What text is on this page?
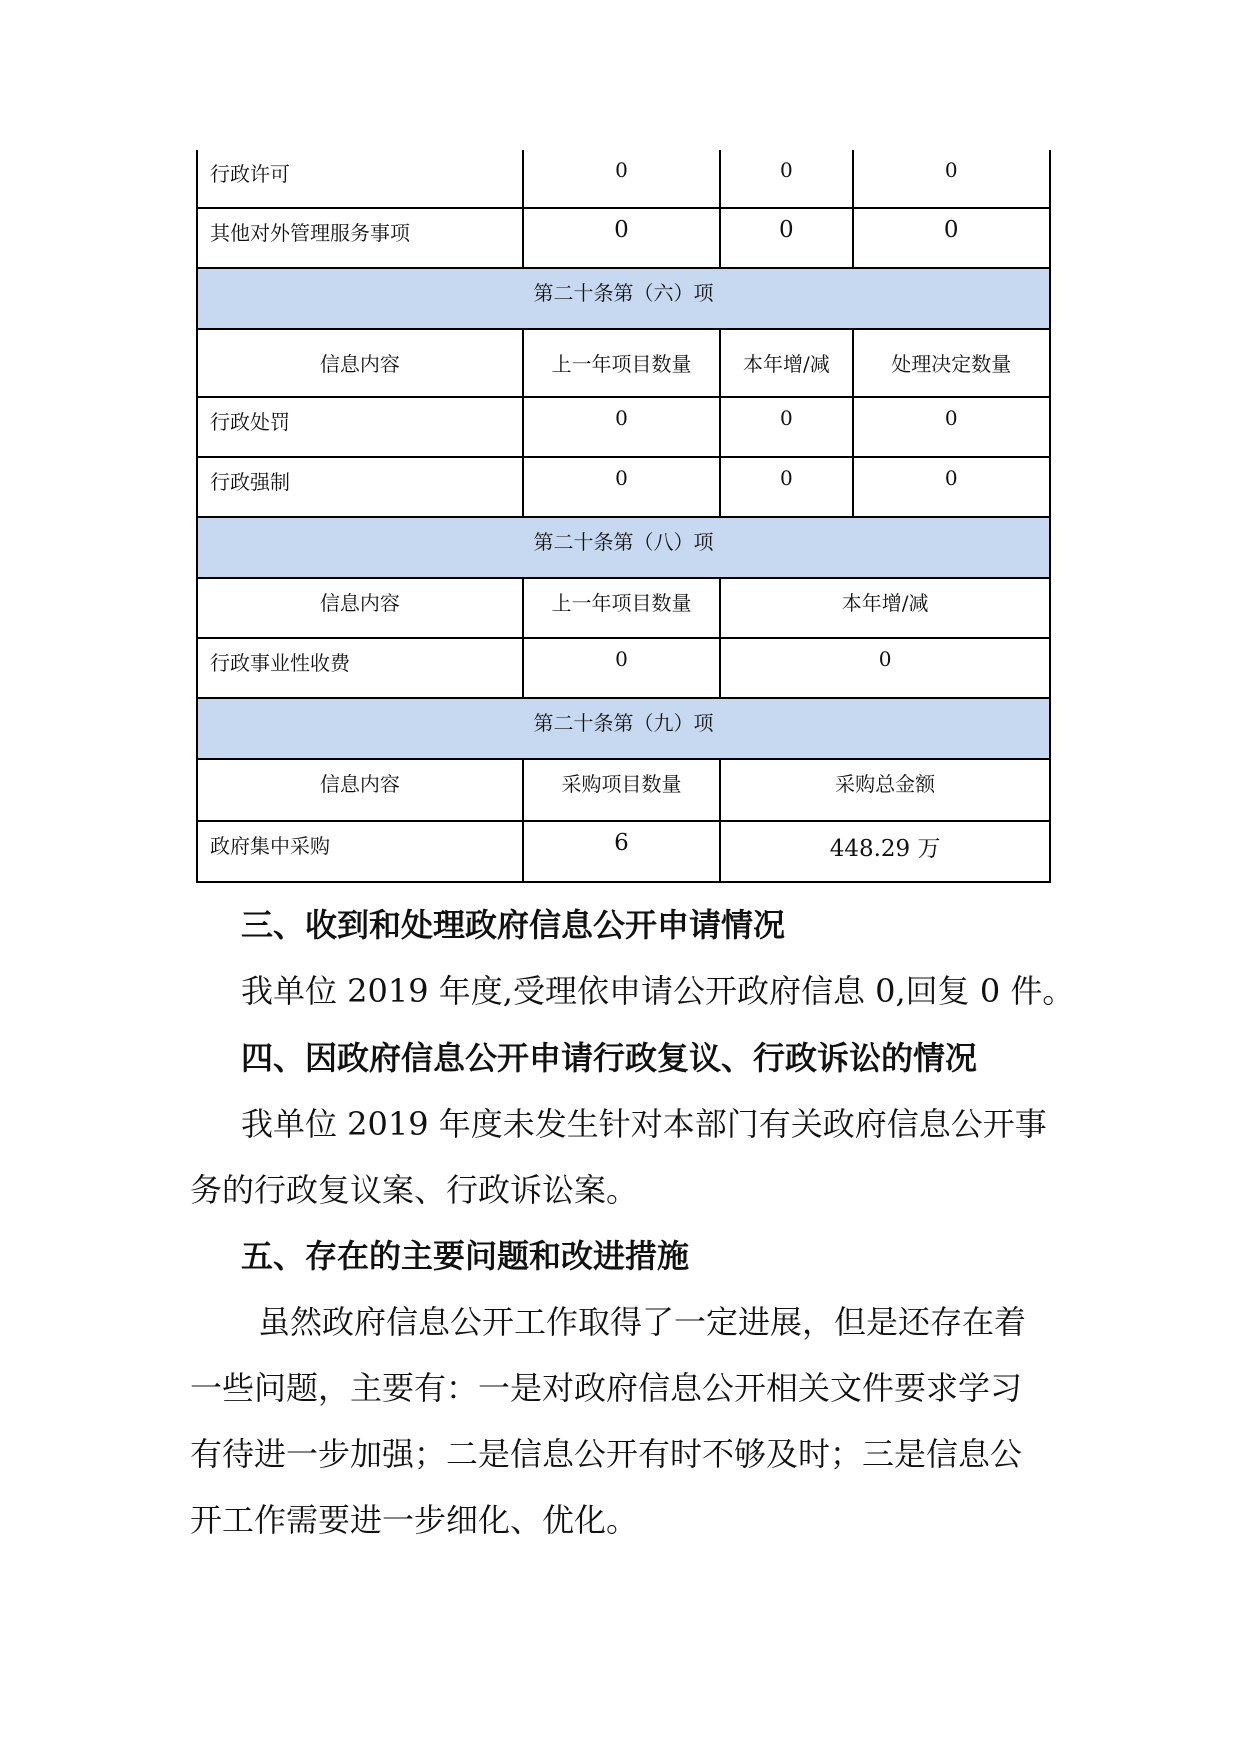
行政许可	0	0	0
其他对外管理服务事项	0	0	0
第二十条第（六）项			
信息内容	上一年项目数量	本年增/减	处理决定数量
行政处罚	0	0	0
行政强制	0	0	0
第二十条第（八）项			
信息内容	上一年项目数量	本年增/减	
行政事业性收费	0	0	
第二十条第（九）项			
信息内容	采购项目数量	采购总金额	
政府集中采购	6	448.29 万	
三、收到和处理政府信息公开申请情况
我单位 2019 年度,受理依申请公开政府信息 0,回复 0 件。
四、因政府信息公开申请行政复议、行政诉讼的情况
我单位 2019 年度未发生针对本部门有关政府信息公开事
务的行政复议案、行政诉讼案。
五、存在的主要问题和改进措施
虽然政府信息公开工作取得了一定进展，但是还存在着
一些问题，主要有：一是对政府信息公开相关文件要求学习
有待进一步加强；二是信息公开有时不够及时；三是信息公
开工作需要进一步细化、优化。
